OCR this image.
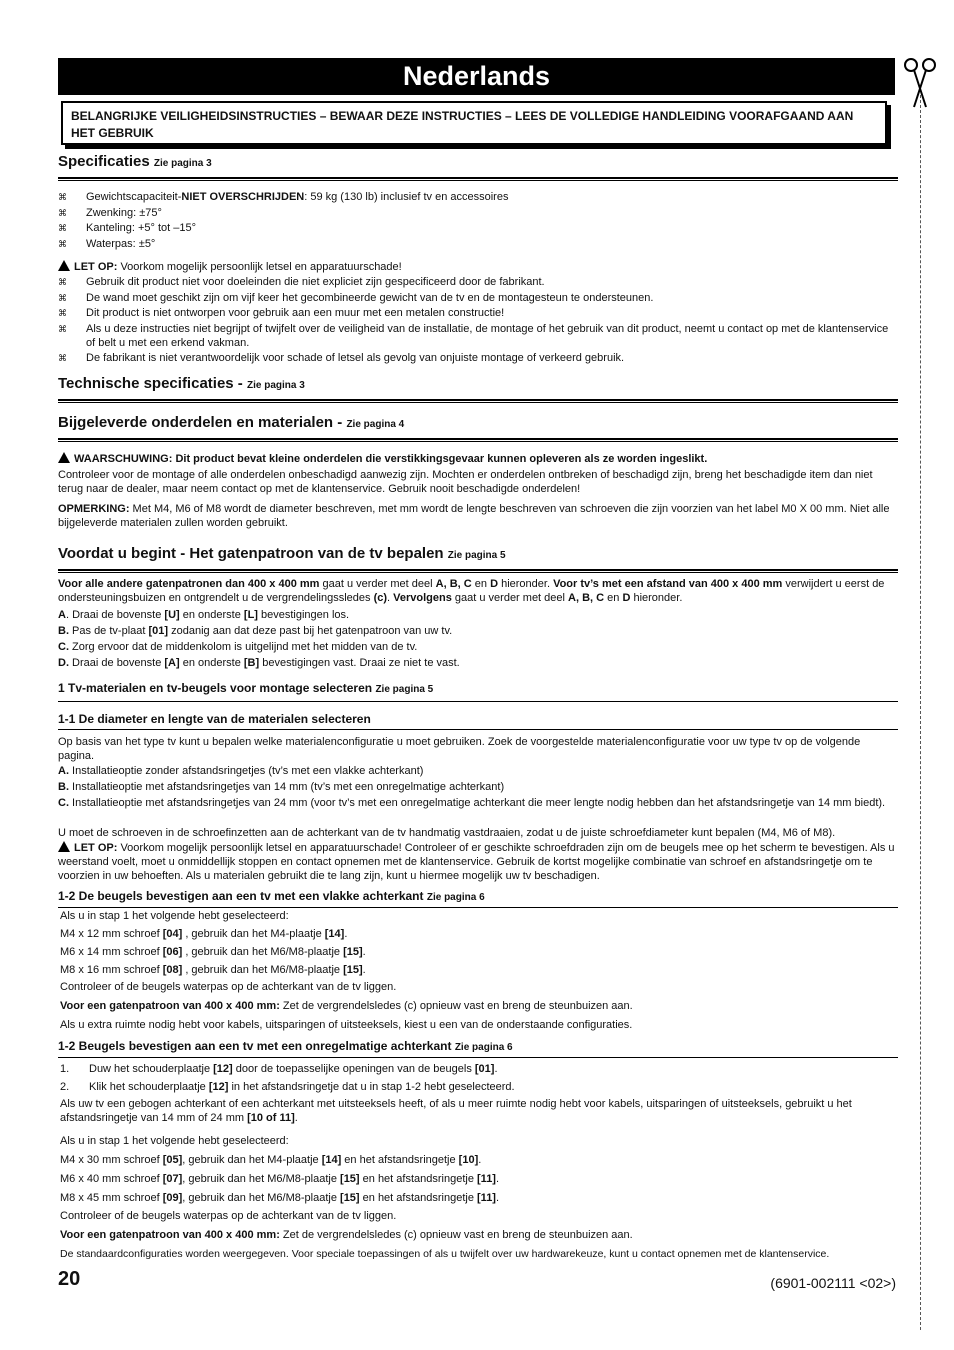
Nederlands
BELANGRIJKE VEILIGHEIDSINSTRUCTIES – BEWAAR DEZE INSTRUCTIES – LEES DE VOLLEDIGE HANDLEIDING VOORAFGAAND AAN HET GEBRUIK
Specificaties Zie pagina 3
⌘ Gewichtscapaciteit-NIET OVERSCHRIJDEN: 59 kg (130 lb) inclusief tv en accessoires
⌘ Zwenking: ±75°
⌘ Kanteling: +5° tot –15°
⌘ Waterpas: ±5°
LET OP: Voorkom mogelijk persoonlijk letsel en apparatuurschade!
⌘ Gebruik dit product niet voor doeleinden die niet expliciet zijn gespecificeerd door de fabrikant.
⌘ De wand moet geschikt zijn om vijf keer het gecombineerde gewicht van de tv en de montagesteun te ondersteunen.
⌘ Dit product is niet ontworpen voor gebruik aan een muur met een metalen constructie!
⌘ Als u deze instructies niet begrijpt of twijfelt over de veiligheid van de installatie, de montage of het gebruik van dit product, neemt u contact op met de klantenservice of belt u met een erkend vakman.
⌘ De fabrikant is niet verantwoordelijk voor schade of letsel als gevolg van onjuiste montage of verkeerd gebruik.
Technische specificaties - Zie pagina 3
Bijgeleverde onderdelen en materialen - Zie pagina 4
WAARSCHUWING: Dit product bevat kleine onderdelen die verstikkingsgevaar kunnen opleveren als ze worden ingeslikt.
Controleer voor de montage of alle onderdelen onbeschadigd aanwezig zijn. Mochten er onderdelen ontbreken of beschadigd zijn, breng het beschadigde item dan niet terug naar de dealer, maar neem contact op met de klantenservice. Gebruik nooit beschadigde onderdelen!
OPMERKING: Met M4, M6 of M8 wordt de diameter beschreven, met mm wordt de lengte beschreven van schroeven die zijn voorzien van het label M0 X 00 mm. Niet alle bijgeleverde materialen zullen worden gebruikt.
Voordat u begint - Het gatenpatroon van de tv bepalen Zie pagina 5
Voor alle andere gatenpatronen dan 400 x 400 mm gaat u verder met deel A, B, C en D hieronder. Voor tv’s met een afstand van 400 x 400 mm verwijdert u eerst de ondersteuningsbuizen en ontgrendelt u de vergrendelingssledes (c). Vervolgens gaat u verder met deel A, B, C en D hieronder.
A. Draai de bovenste [U] en onderste [L] bevestigingen los.
B. Pas de tv-plaat [01] zodanig aan dat deze past bij het gatenpatroon van uw tv.
C. Zorg ervoor dat de middenkolom is uitgelijnd met het midden van de tv.
D. Draai de bovenste [A] en onderste [B] bevestigingen vast. Draai ze niet te vast.
1 Tv-materialen en tv-beugels voor montage selecteren Zie pagina 5
1-1 De diameter en lengte van de materialen selecteren
Op basis van het type tv kunt u bepalen welke materialenconfiguratie u moet gebruiken. Zoek de voorgestelde materialenconfiguratie voor uw type tv op de volgende pagina.
A. Installatieoptie zonder afstandsringetjes (tv’s met een vlakke achterkant)
B. Installatieoptie met afstandsringetjes van 14 mm (tv’s met een onregelmatige achterkant)
C. Installatieoptie met afstandsringetjes van 24 mm (voor tv’s met een onregelmatige achterkant die meer lengte nodig hebben dan het afstandsringetje van 14 mm biedt).
U moet de schroeven in de schroefinzetten aan de achterkant van de tv handmatig vastdraaien, zodat u de juiste schroefdiameter kunt bepalen (M4, M6 of M8).
LET OP: Voorkom mogelijk persoonlijk letsel en apparatuurschade! Controleer of er geschikte schroefdraden zijn om de beugels mee op het scherm te bevestigen. Als u weerstand voelt, moet u onmiddellijk stoppen en contact opnemen met de klantenservice. Gebruik de kortst mogelijke combinatie van schroef en afstandsringetje om te voorzien in uw behoeften. Als u materialen gebruikt die te lang zijn, kunt u hiermee mogelijk uw tv beschadigen.
1-2 De beugels bevestigen aan een tv met een vlakke achterkant Zie pagina 6
Als u in stap 1 het volgende hebt geselecteerd:
M4 x 12 mm schroef [04] , gebruik dan het M4-plaatje [14].
M6 x 14 mm schroef [06] , gebruik dan het M6/M8-plaatje [15].
M8 x 16 mm schroef [08] , gebruik dan het M6/M8-plaatje [15].
Controleer of de beugels waterpas op de achterkant van de tv liggen.
Voor een gatenpatroon van 400 x 400 mm: Zet de vergrendelsledes (c) opnieuw vast en breng de steunbuizen aan.
Als u extra ruimte nodig hebt voor kabels, uitsparingen of uitsteeksels, kiest u een van de onderstaande configuraties.
1-2 Beugels bevestigen aan een tv met een onregelmatige achterkant Zie pagina 6
1. Duw het schouderplaatje [12] door de toepasselijke openingen van de beugels [01].
2. Klik het schouderplaatje [12] in het afstandsringetje dat u in stap 1-2 hebt geselecteerd.
Als uw tv een gebogen achterkant of een achterkant met uitsteeksels heeft, of als u meer ruimte nodig hebt voor kabels, uitsparingen of uitsteeksels, gebruikt u het afstandsringetje van 14 mm of 24 mm [10 of 11].
Als u in stap 1 het volgende hebt geselecteerd:
M4 x 30 mm schroef [05], gebruik dan het M4-plaatje [14] en het afstandsringetje [10].
M6 x 40 mm schroef [07], gebruik dan het M6/M8-plaatje [15] en het afstandsringetje [11].
M8 x 45 mm schroef [09], gebruik dan het M6/M8-plaatje [15] en het afstandsringetje [11].
Controleer of de beugels waterpas op de achterkant van de tv liggen.
Voor een gatenpatroon van 400 x 400 mm: Zet de vergrendelsledes (c) opnieuw vast en breng de steunbuizen aan.
De standaardconfiguraties worden weergegeven. Voor speciale toepassingen of als u twijfelt over uw hardwarekeuze, kunt u contact opnemen met de klantenservice.
20	(6901-002111 <02>)
